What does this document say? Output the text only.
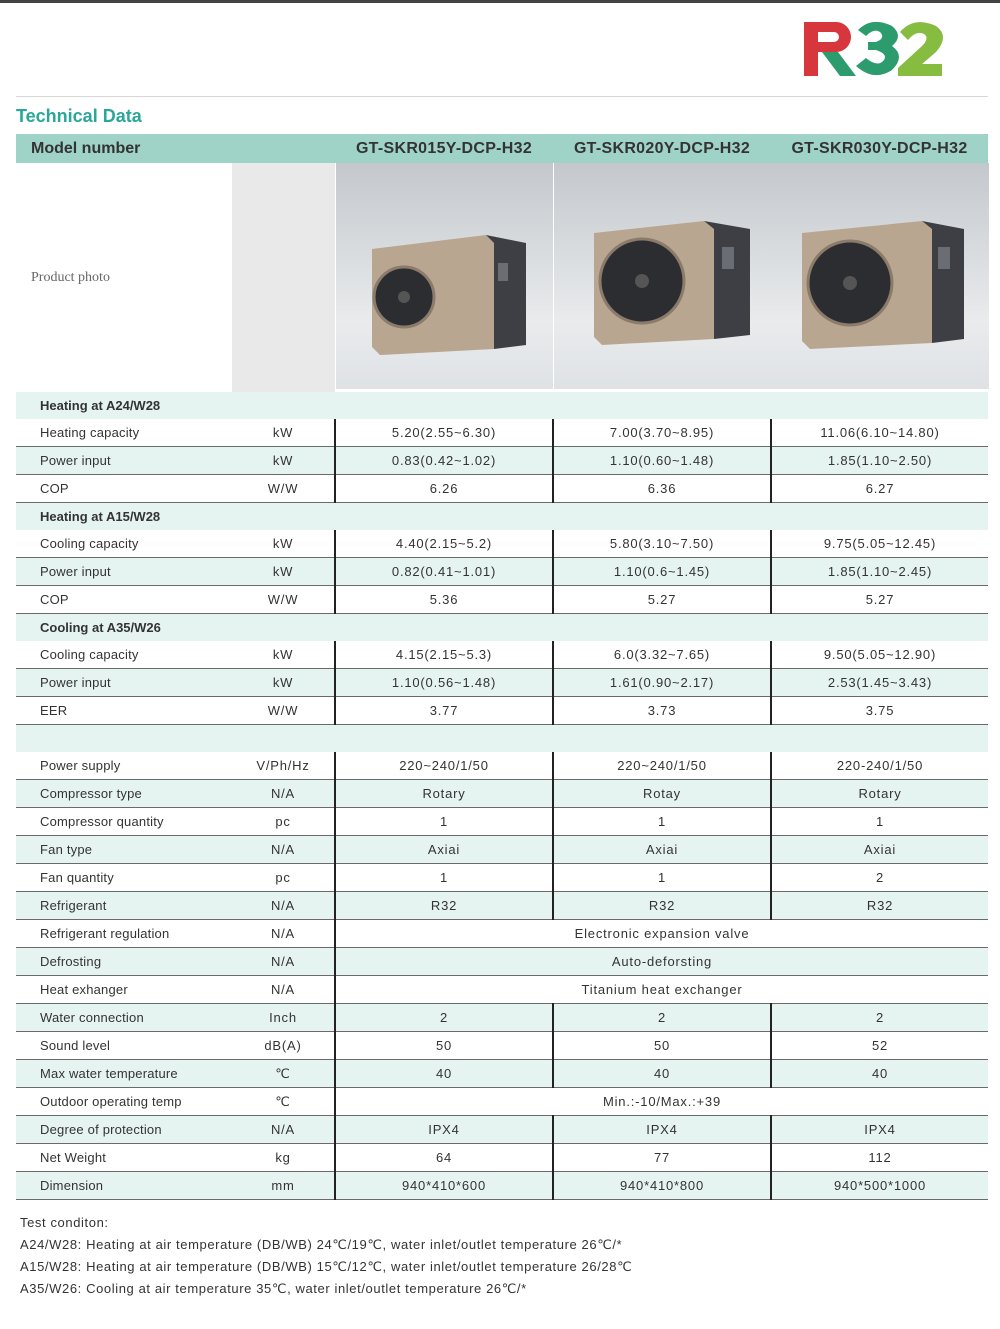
Technical Data
Model number		GT-SKR015Y-DCP-H32	GT-SKR020Y-DCP-H32	GT-SKR030Y-DCP-H32
Product photo				
Heating at A24/W28				
Heating capacity	kW	5.20(2.55~6.30)	7.00(3.70~8.95)	11.06(6.10~14.80)
Power input	kW	0.83(0.42~1.02)	1.10(0.60~1.48)	1.85(1.10~2.50)
COP	W/W	6.26	6.36	6.27
Heating at A15/W28				
Cooling capacity	kW	4.40(2.15~5.2)	5.80(3.10~7.50)	9.75(5.05~12.45)
Power input	kW	0.82(0.41~1.01)	1.10(0.6~1.45)	1.85(1.10~2.45)
COP	W/W	5.36	5.27	5.27
Cooling at A35/W26				
Cooling capacity	kW	4.15(2.15~5.3)	6.0(3.32~7.65)	9.50(5.05~12.90)
Power input	kW	1.10(0.56~1.48)	1.61(0.90~2.17)	2.53(1.45~3.43)
EER	W/W	3.77	3.73	3.75

Power supply	V/Ph/Hz	220~240/1/50	220~240/1/50	220-240/1/50
Compressor type	N/A	Rotary	Rotay	Rotary
Compressor quantity	pc	1	1	1
Fan type	N/A	Axiai	Axiai	Axiai
Fan quantity	pc	1	1	2
Refrigerant	N/A	R32	R32	R32
Refrigerant regulation	N/A	Electronic expansion valve		
Defrosting	N/A	Auto-deforsting		
Heat exhanger	N/A	Titanium heat exchanger		
Water connection	Inch	2	2	2
Sound level	dB(A)	50	50	52
Max water temperature	℃	40	40	40
Outdoor operating temp	℃	Min.:-10/Max.:+39		
Degree of protection	N/A	IPX4	IPX4	IPX4
Net Weight	kg	64	77	112
Dimension	mm	940*410*600	940*410*800	940*500*1000
Test conditon:
A24/W28: Heating at air temperature (DB/WB) 24℃/19℃, water inlet/outlet temperature 26℃/*
A15/W28: Heating at air temperature (DB/WB) 15℃/12℃, water inlet/outlet temperature 26/28℃
A35/W26: Cooling at air temperature 35℃, water inlet/outlet temperature 26℃/*
